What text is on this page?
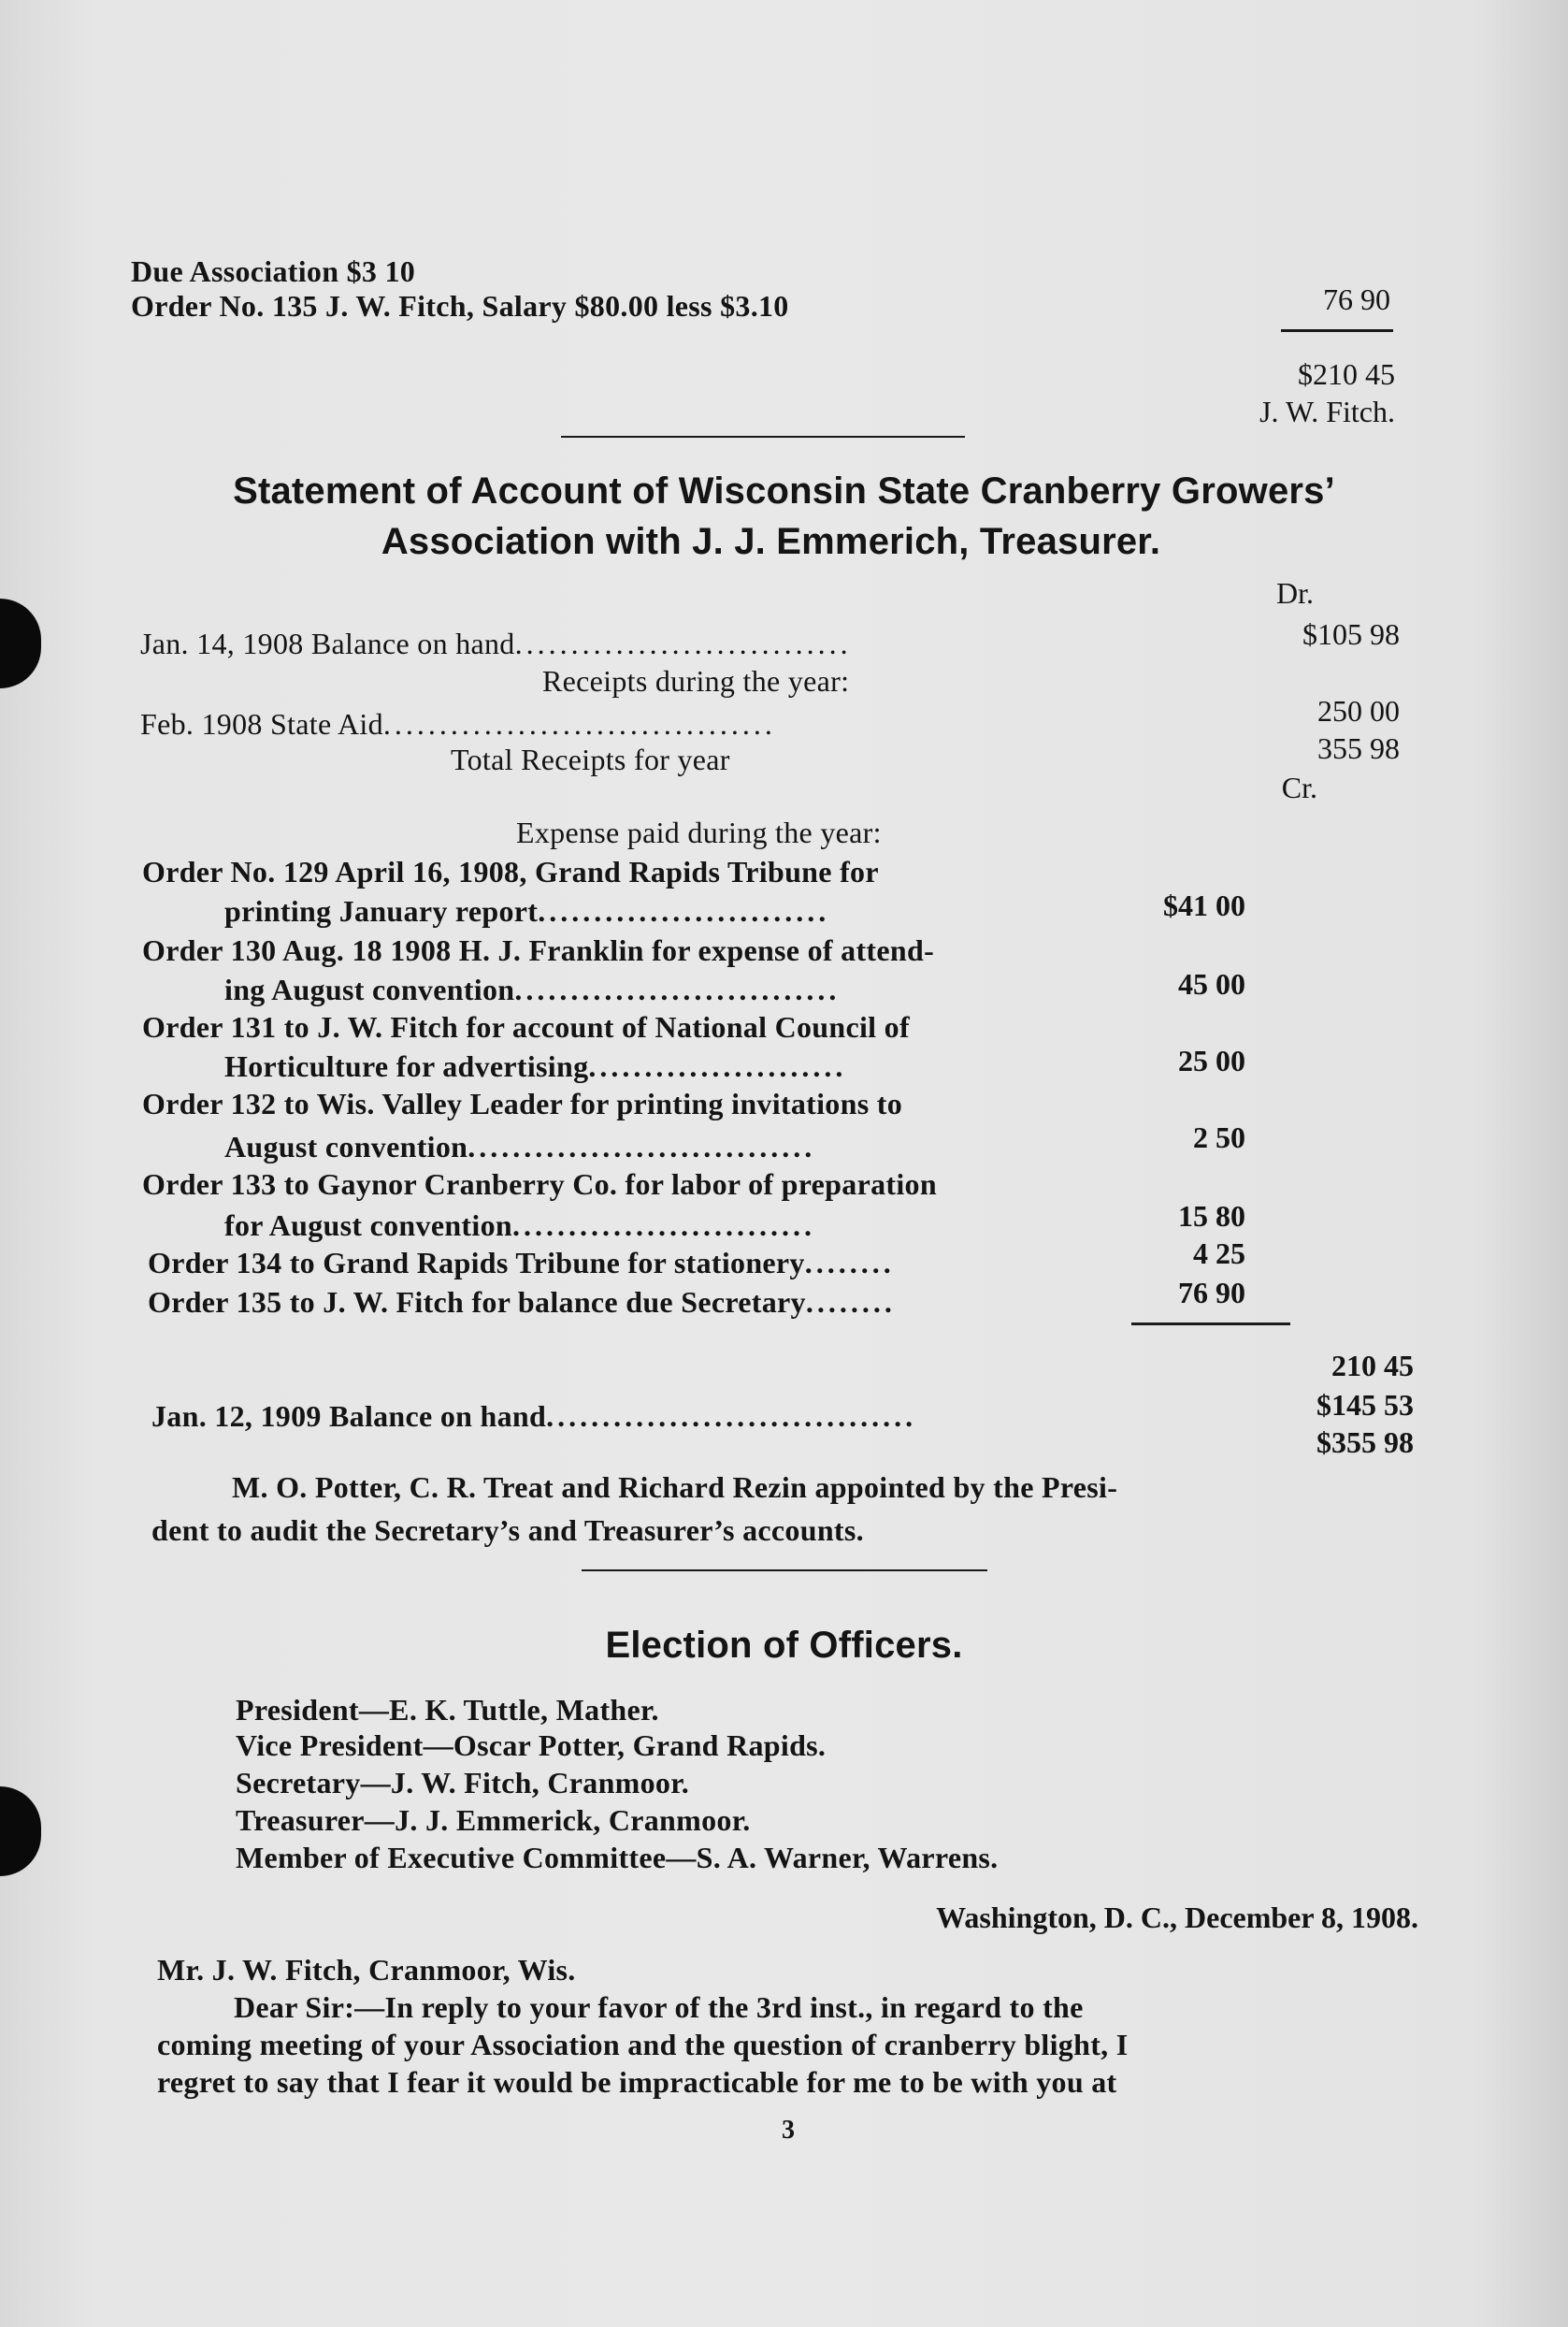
Due Association $3 10
Order No. 135 J. W. Fitch, Salary $80.00 less $3.10	76 90
$210 45
J. W. Fitch.
Statement of Account of Wisconsin State Cranberry Growers’
Association with J. J. Emmerich, Treasurer.
Dr.
Jan. 14, 1908 Balance on hand..............................	$105 98
Receipts during the year:
Feb. 1908 State Aid...................................	250 00
Total Receipts for year	355 98
Cr.
Expense paid during the year:
Order No. 129 April 16, 1908, Grand Rapids Tribune for
printing January report..........................	$41 00
Order 130 Aug. 18 1908 H. J. Franklin for expense of attend-
ing August convention.............................	45 00
Order 131 to J. W. Fitch for account of National Council of
Horticulture for advertising.......................	25 00
Order 132 to Wis. Valley Leader for printing invitations to
August convention...............................	2 50
Order 133 to Gaynor Cranberry Co. for labor of preparation
for August convention...........................	15 80
Order 134 to Grand Rapids Tribune for stationery........	4 25
Order 135 to J. W. Fitch for balance due Secretary........	76 90
210 45
Jan. 12, 1909 Balance on hand.................................	$145 53
$355 98
M. O. Potter, C. R. Treat and Richard Rezin appointed by the Presi-
dent to audit the Secretary’s and Treasurer’s accounts.
Election of Officers.
President—E. K. Tuttle, Mather.
Vice President—Oscar Potter, Grand Rapids.
Secretary—J. W. Fitch, Cranmoor.
Treasurer—J. J. Emmerick, Cranmoor.
Member of Executive Committee—S. A. Warner, Warrens.
Washington, D. C., December 8, 1908.
Mr. J. W. Fitch, Cranmoor, Wis.
Dear Sir:—In reply to your favor of the 3rd inst., in regard to the
coming meeting of your Association and the question of cranberry blight, I
regret to say that I fear it would be impracticable for me to be with you at
3
